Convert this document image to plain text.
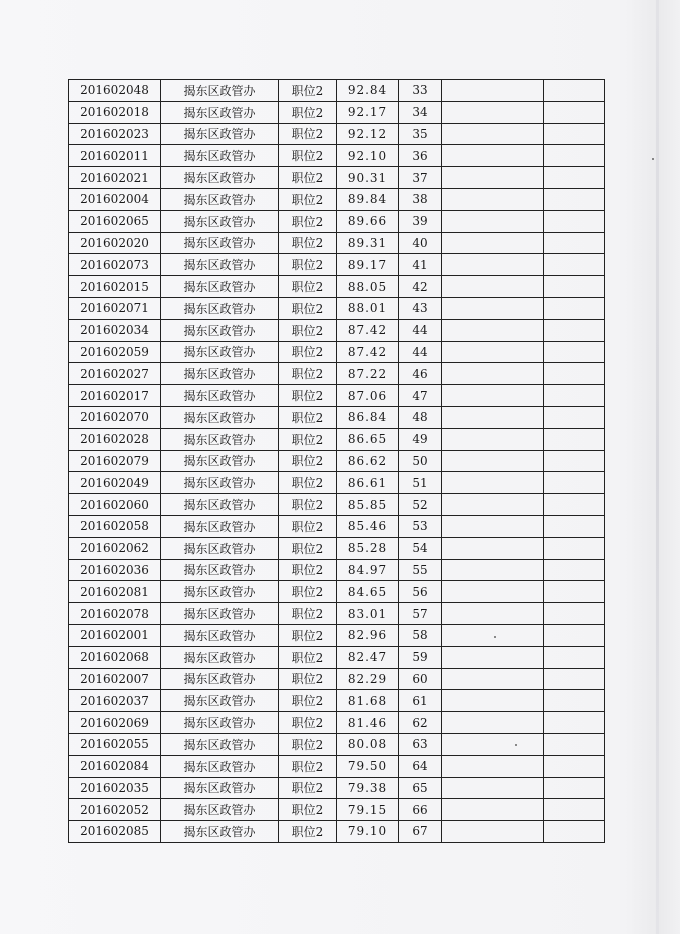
201602048	揭东区政管办	职位2	92.84	33		
201602018	揭东区政管办	职位2	92.17	34		
201602023	揭东区政管办	职位2	92.12	35		
201602011	揭东区政管办	职位2	92.10	36		
201602021	揭东区政管办	职位2	90.31	37		
201602004	揭东区政管办	职位2	89.84	38		
201602065	揭东区政管办	职位2	89.66	39		
201602020	揭东区政管办	职位2	89.31	40		
201602073	揭东区政管办	职位2	89.17	41		
201602015	揭东区政管办	职位2	88.05	42		
201602071	揭东区政管办	职位2	88.01	43		
201602034	揭东区政管办	职位2	87.42	44		
201602059	揭东区政管办	职位2	87.42	44		
201602027	揭东区政管办	职位2	87.22	46		
201602017	揭东区政管办	职位2	87.06	47		
201602070	揭东区政管办	职位2	86.84	48		
201602028	揭东区政管办	职位2	86.65	49		
201602079	揭东区政管办	职位2	86.62	50		
201602049	揭东区政管办	职位2	86.61	51		
201602060	揭东区政管办	职位2	85.85	52		
201602058	揭东区政管办	职位2	85.46	53		
201602062	揭东区政管办	职位2	85.28	54		
201602036	揭东区政管办	职位2	84.97	55		
201602081	揭东区政管办	职位2	84.65	56		
201602078	揭东区政管办	职位2	83.01	57		
201602001	揭东区政管办	职位2	82.96	58		
201602068	揭东区政管办	职位2	82.47	59		
201602007	揭东区政管办	职位2	82.29	60		
201602037	揭东区政管办	职位2	81.68	61		
201602069	揭东区政管办	职位2	81.46	62		
201602055	揭东区政管办	职位2	80.08	63		
201602084	揭东区政管办	职位2	79.50	64		
201602035	揭东区政管办	职位2	79.38	65		
201602052	揭东区政管办	职位2	79.15	66		
201602085	揭东区政管办	职位2	79.10	67		
